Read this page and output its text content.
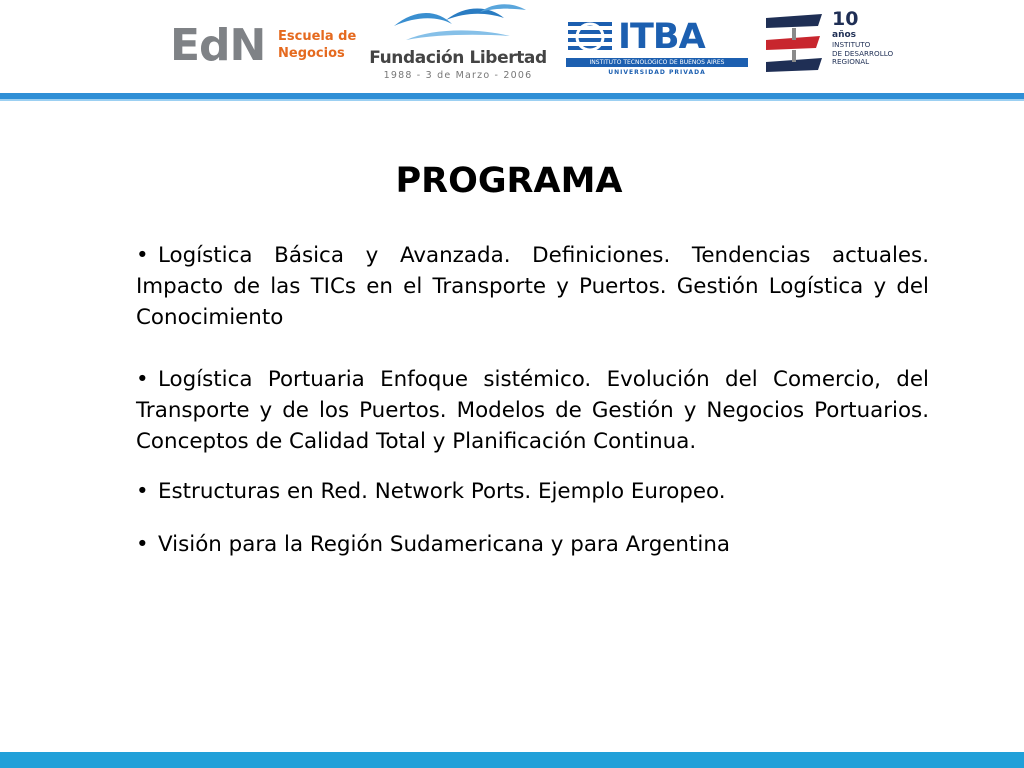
EdN Escuela de
Negocios	Fundación Libertad
1988 - 3 de Marzo - 2006
ITBA
INSTITUTO TECNOLOGICO DE BUENOS AIRES
UNIVERSIDAD PRIVADA
10
años
INSTITUTO
DE DESARROLLO
REGIONAL
PROGRAMA

• Logística Básica y Avanzada. Definiciones. Tendencias actuales. Impacto de las TICs en el Transporte y Puertos. Gestión Logística y del Conocimiento

• Logística Portuaria Enfoque sistémico. Evolución del Comercio, del Transporte y de los Puertos. Modelos de Gestión y Negocios Portuarios. Conceptos de Calidad Total y Planificación Continua.

• Estructuras en Red. Network Ports. Ejemplo Europeo.

• Visión para la Región Sudamericana y para Argentina
